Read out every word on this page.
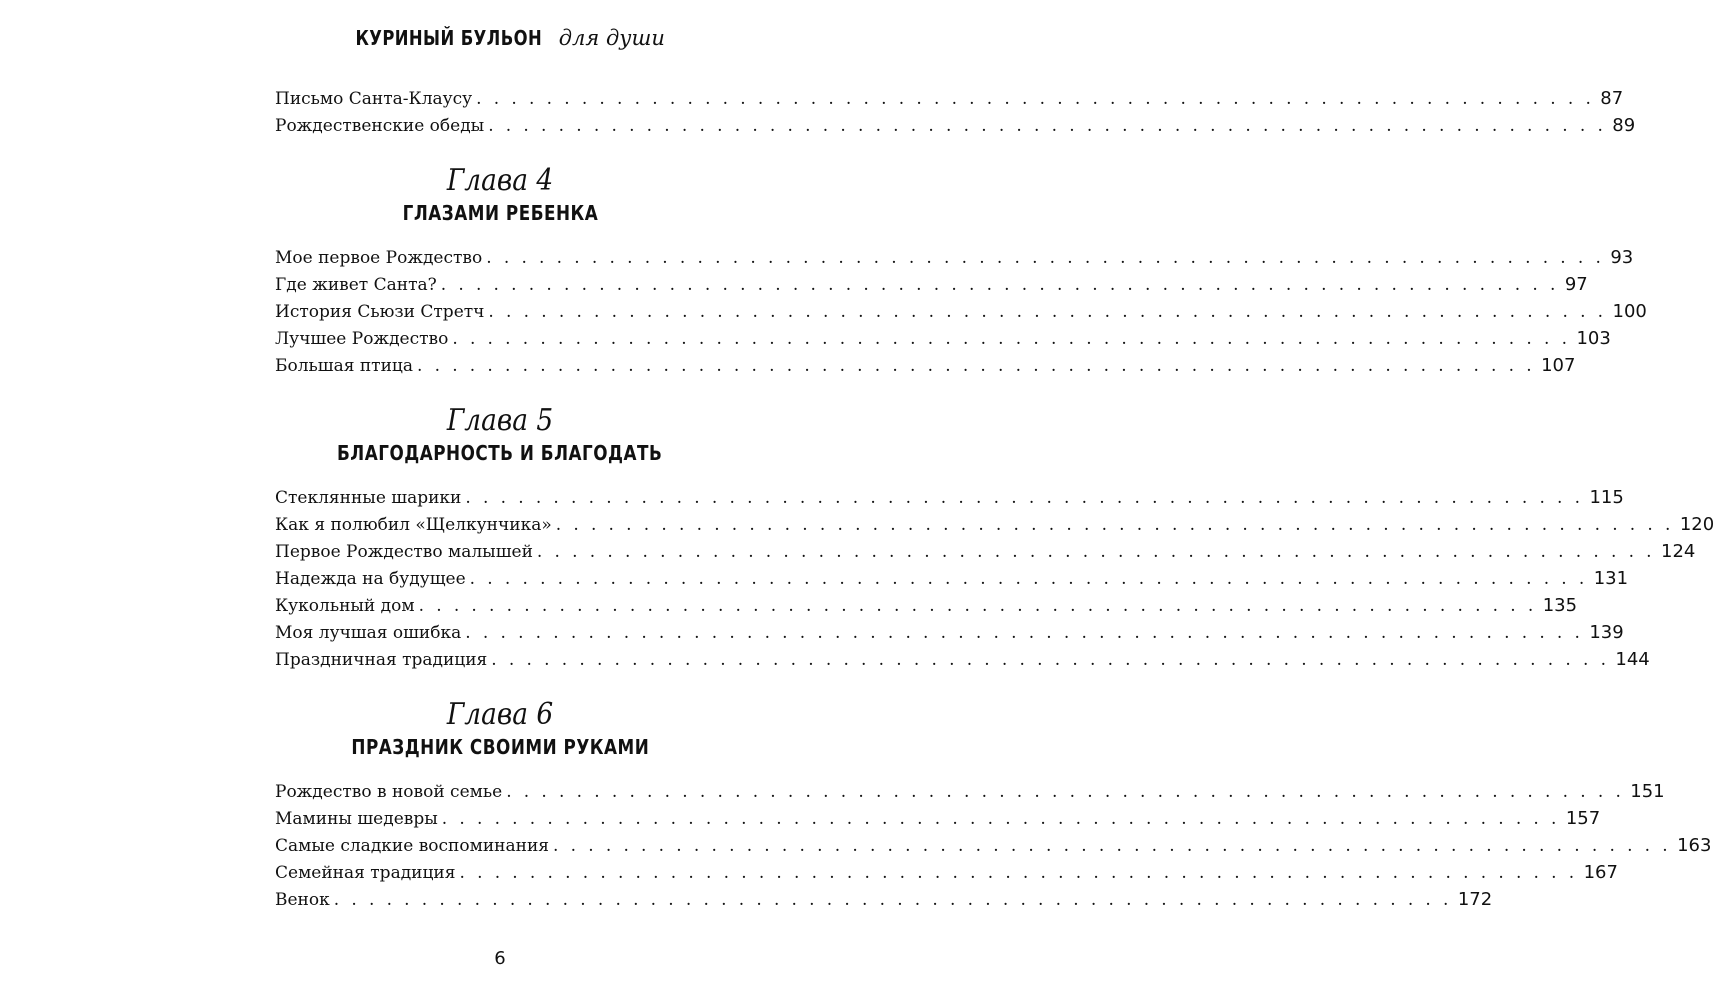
КУРИНЫЙ БУЛЬОН для души
Письмо Санта-Клаусу . . . . . . . . . . . . . . . . . . . . . . . . . . . . . . . . . . . . . . . . . . . . . . . . . . . . . . . . . . . . . . . . 87
Рождественские обеды . . . . . . . . . . . . . . . . . . . . . . . . . . . . . . . . . . . . . . . . . . . . . . . . . . . . . . . . . . . . . . . . 89
Глава 4
ГЛАЗАМИ РЕБЕНКА
Мое первое Рождество . . . . . . . . . . . . . . . . . . . . . . . . . . . . . . . . . . . . . . . . . . . . . . . . . . . . . . . . . . . . . . . . 93
Где живет Санта? . . . . . . . . . . . . . . . . . . . . . . . . . . . . . . . . . . . . . . . . . . . . . . . . . . . . . . . . . . . . . . . . 97
История Сьюзи Стретч . . . . . . . . . . . . . . . . . . . . . . . . . . . . . . . . . . . . . . . . . . . . . . . . . . . . . . . . . . . . . . . . 100
Лучшее Рождество . . . . . . . . . . . . . . . . . . . . . . . . . . . . . . . . . . . . . . . . . . . . . . . . . . . . . . . . . . . . . . . . 103
Большая птица . . . . . . . . . . . . . . . . . . . . . . . . . . . . . . . . . . . . . . . . . . . . . . . . . . . . . . . . . . . . . . . . 107
Глава 5
БЛАГОДАРНОСТЬ И БЛАГОДАТЬ
Стеклянные шарики . . . . . . . . . . . . . . . . . . . . . . . . . . . . . . . . . . . . . . . . . . . . . . . . . . . . . . . . . . . . . . . . 115
Как я полюбил «Щелкунчика» . . . . . . . . . . . . . . . . . . . . . . . . . . . . . . . . . . . . . . . . . . . . . . . . . . . . . . . . . . . . . . . . 120
Первое Рождество малышей . . . . . . . . . . . . . . . . . . . . . . . . . . . . . . . . . . . . . . . . . . . . . . . . . . . . . . . . . . . . . . . . 124
Надежда на будущее . . . . . . . . . . . . . . . . . . . . . . . . . . . . . . . . . . . . . . . . . . . . . . . . . . . . . . . . . . . . . . . . 131
Кукольный дом . . . . . . . . . . . . . . . . . . . . . . . . . . . . . . . . . . . . . . . . . . . . . . . . . . . . . . . . . . . . . . . . 135
Моя лучшая ошибка . . . . . . . . . . . . . . . . . . . . . . . . . . . . . . . . . . . . . . . . . . . . . . . . . . . . . . . . . . . . . . . . 139
Праздничная традиция . . . . . . . . . . . . . . . . . . . . . . . . . . . . . . . . . . . . . . . . . . . . . . . . . . . . . . . . . . . . . . . . 144
Глава 6
ПРАЗДНИК СВОИМИ РУКАМИ
Рождество в новой семье . . . . . . . . . . . . . . . . . . . . . . . . . . . . . . . . . . . . . . . . . . . . . . . . . . . . . . . . . . . . . . . . 151
Мамины шедевры . . . . . . . . . . . . . . . . . . . . . . . . . . . . . . . . . . . . . . . . . . . . . . . . . . . . . . . . . . . . . . . . 157
Самые сладкие воспоминания . . . . . . . . . . . . . . . . . . . . . . . . . . . . . . . . . . . . . . . . . . . . . . . . . . . . . . . . . . . . . . . . 163
Семейная традиция . . . . . . . . . . . . . . . . . . . . . . . . . . . . . . . . . . . . . . . . . . . . . . . . . . . . . . . . . . . . . . . . 167
Венок . . . . . . . . . . . . . . . . . . . . . . . . . . . . . . . . . . . . . . . . . . . . . . . . . . . . . . . . . . . . . . . . 172
6
